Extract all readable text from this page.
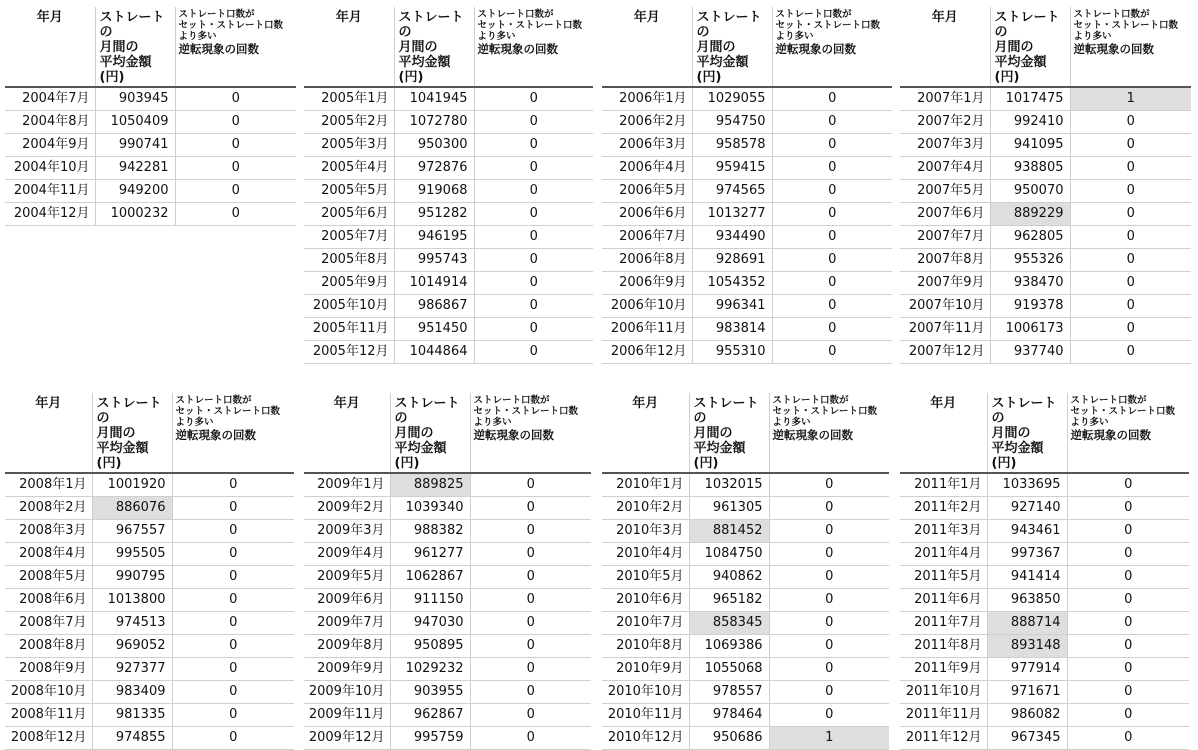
年月	ストレートの
月間の
平均金額(円)	ストレート口数が
セット・ストレート口数
より多い
逆転現象の回数

2004年7月	903945	0
2004年8月	1050409	0
2004年9月	990741	0
2004年10月	942281	0
2004年11月	949200	0
2004年12月	1000232	0
年月	ストレートの
月間の
平均金額(円)	ストレート口数が
セット・ストレート口数
より多い
逆転現象の回数

2005年1月	1041945	0
2005年2月	1072780	0
2005年3月	950300	0
2005年4月	972876	0
2005年5月	919068	0
2005年6月	951282	0
2005年7月	946195	0
2005年8月	995743	0
2005年9月	1014914	0
2005年10月	986867	0
2005年11月	951450	0
2005年12月	1044864	0
年月	ストレートの
月間の
平均金額(円)	ストレート口数が
セット・ストレート口数
より多い
逆転現象の回数

2006年1月	1029055	0
2006年2月	954750	0
2006年3月	958578	0
2006年4月	959415	0
2006年5月	974565	0
2006年6月	1013277	0
2006年7月	934490	0
2006年8月	928691	0
2006年9月	1054352	0
2006年10月	996341	0
2006年11月	983814	0
2006年12月	955310	0
年月	ストレートの
月間の
平均金額(円)	ストレート口数が
セット・ストレート口数
より多い
逆転現象の回数

2007年1月	1017475	1
2007年2月	992410	0
2007年3月	941095	0
2007年4月	938805	0
2007年5月	950070	0
2007年6月	889229	0
2007年7月	962805	0
2007年8月	955326	0
2007年9月	938470	0
2007年10月	919378	0
2007年11月	1006173	0
2007年12月	937740	0
年月	ストレートの
月間の
平均金額(円)	ストレート口数が
セット・ストレート口数
より多い
逆転現象の回数

2008年1月	1001920	0
2008年2月	886076	0
2008年3月	967557	0
2008年4月	995505	0
2008年5月	990795	0
2008年6月	1013800	0
2008年7月	974513	0
2008年8月	969052	0
2008年9月	927377	0
2008年10月	983409	0
2008年11月	981335	0
2008年12月	974855	0
年月	ストレートの
月間の
平均金額(円)	ストレート口数が
セット・ストレート口数
より多い
逆転現象の回数

2009年1月	889825	0
2009年2月	1039340	0
2009年3月	988382	0
2009年4月	961277	0
2009年5月	1062867	0
2009年6月	911150	0
2009年7月	947030	0
2009年8月	950895	0
2009年9月	1029232	0
2009年10月	903955	0
2009年11月	962867	0
2009年12月	995759	0
年月	ストレートの
月間の
平均金額(円)	ストレート口数が
セット・ストレート口数
より多い
逆転現象の回数

2010年1月	1032015	0
2010年2月	961305	0
2010年3月	881452	0
2010年4月	1084750	0
2010年5月	940862	0
2010年6月	965182	0
2010年7月	858345	0
2010年8月	1069386	0
2010年9月	1055068	0
2010年10月	978557	0
2010年11月	978464	0
2010年12月	950686	1
年月	ストレートの
月間の
平均金額(円)	ストレート口数が
セット・ストレート口数
より多い
逆転現象の回数

2011年1月	1033695	0
2011年2月	927140	0
2011年3月	943461	0
2011年4月	997367	0
2011年5月	941414	0
2011年6月	963850	0
2011年7月	888714	0
2011年8月	893148	0
2011年9月	977914	0
2011年10月	971671	0
2011年11月	986082	0
2011年12月	967345	0
